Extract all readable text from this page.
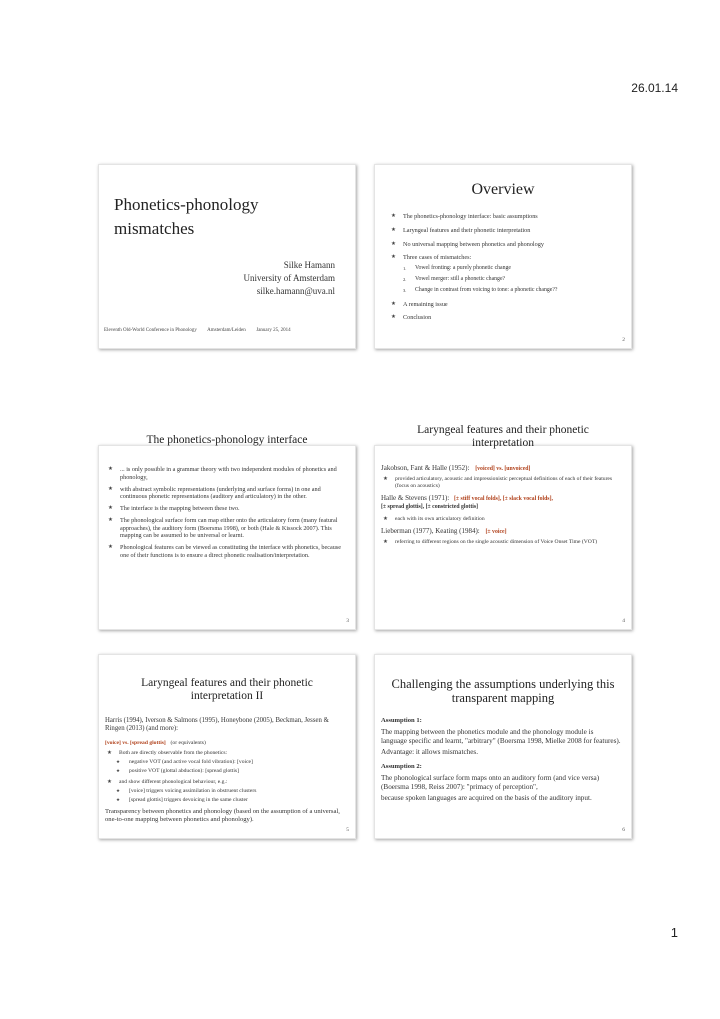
26.01.14
Phonetics-phonology mismatches
Silke Hamann
University of Amsterdam
silke.hamann@uva.nl
Eleventh Old-World Conference in Phonology Amsterdam/Leiden January 25, 2014
Overview
★ The phonetics-phonology interface: basic assumptions
★ Laryngeal features and their phonetic interpretation
★ No universal mapping between phonetics and phonology
★ Three cases of mismatches:
1. Vowel fronting: a purely phonetic change
2. Vowel merger: still a phonetic change?
3. Change in contrast from voicing to tone: a phonetic change??
★ A remaining issue
★ Conclusion
2
The phonetics-phonology interface
★ ... is only possible in a grammar theory with two independent modules of phonetics and phonology,
★ with abstract symbolic representations (underlying and surface forms) in one and continuous phonetic representations (auditory and articulatory) in the other.
★ The interface is the mapping between these two.
★ The phonological surface form can map either onto the articulatory form (many featural approaches), the auditory form (Boersma 1998), or both (Hale & Kissock 2007). This mapping can be assumed to be universal or learnt.
★ Phonological features can be viewed as constituting the interface with phonetics, because one of their functions is to ensure a direct phonetic realisation/interpretation.
3
Laryngeal features and their phonetic interpretation

Jakobson, Fant & Halle (1952): [voiced] vs. [unvoiced]

★ provided articulatory, acoustic and impressionistic perceptual definitions of each of their features (focus on acoustics)

Halle & Stevens (1971): [± stiff vocal folds], [± slack vocal folds],

[± spread glottis], [± constricted glottis]

★ each with its own articulatory definition

Lieberman (1977), Keating (1984): [± voice]

★ referring to different regions on the single acoustic dimension of Voice Onset Time (VOT)
4
Laryngeal features and their phonetic interpretation II

Harris (1994), Iverson & Salmons (1995), Honeybone (2005), Beckman, Jessen & Ringen (2013) (and more):

[voice] vs. [spread glottis] (or equivalents)

★ Both are directly observable from the phonetics:
★ negative VOT (and active vocal fold vibration): [voice]
★ positive VOT (glottal abduction): [spread glottis]
★ and show different phonological behaviour, e.g.:
★ [voice] triggers voicing assimilation in obstruent clusters
★ [spread glottis] triggers devoicing in the same cluster

Transparency between phonetics and phonology (based on the assumption of a universal, one-to-one mapping between phonetics and phonology).

5
Challenging the assumptions underlying this transparent mapping

Assumption 1:

The mapping between the phonetics module and the phonology module is language specific and learnt, "arbitrary" (Boersma 1998, Mielke 2008 for features).

Advantage: it allows mismatches.

Assumption 2:

The phonological surface form maps onto an auditory form (and vice versa) (Boersma 1998, Reiss 2007): "primacy of perception",

because spoken languages are acquired on the basis of the auditory input.

6
1
